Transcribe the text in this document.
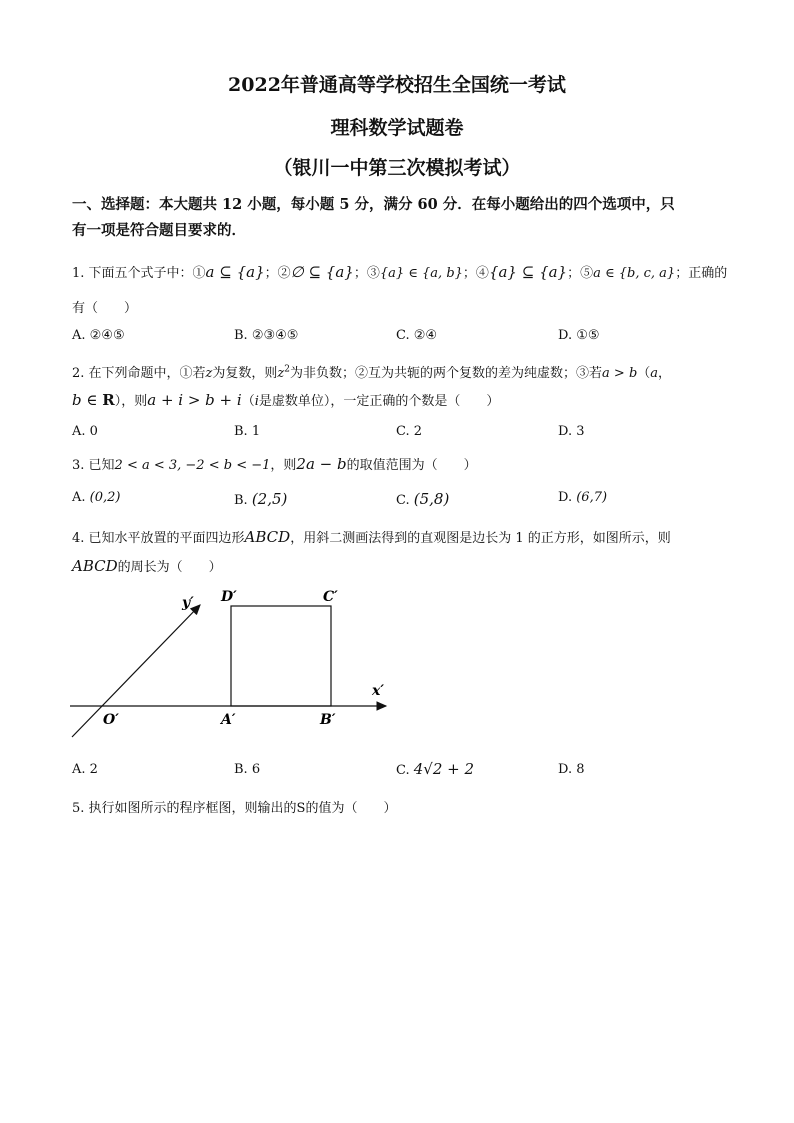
2022年普通高等学校招生全国统一考试
理科数学试题卷
（银川一中第三次模拟考试）
一、选择题：本大题共 12 小题，每小题 5 分，满分 60 分．在每小题给出的四个选项中，只
有一项是符合题目要求的．
1. 下面五个式子中：①a ⊆ {a}；②∅ ⊆ {a}；③{a} ∈ {a, b}；④{a} ⊆ {a}；⑤a ∈ {b, c, a}；正确的
有（　　）
A. ②④⑤	B. ②③④⑤	C. ②④	D. ①⑤
2. 在下列命题中，①若z为复数，则$z^2$为非负数；②互为共轭的两个复数的差为纯虚数；③若a > b（a，
b ∈ R），则a + i > b + i（i是虚数单位），一定正确的个数是（　　）
A. 0	B. 1	C. 2	D. 3
3. 已知2 < a < 3, −2 < b < −1，则2a − b的取值范围为（　　）
A. (0,2)	B. (2,5)	C. (5,8)	D. (6,7)
4. 已知水平放置的平面四边形ABCD，用斜二测画法得到的直观图是边长为 1 的正方形，如图所示，则
ABCD的周长为（　　）
y′
x′
O′	A′	B′
C′
D′
A. 2	B. 6	C. 4√2 + 2	D. 8
5. 执行如图所示的程序框图，则输出的S的值为（　　）
